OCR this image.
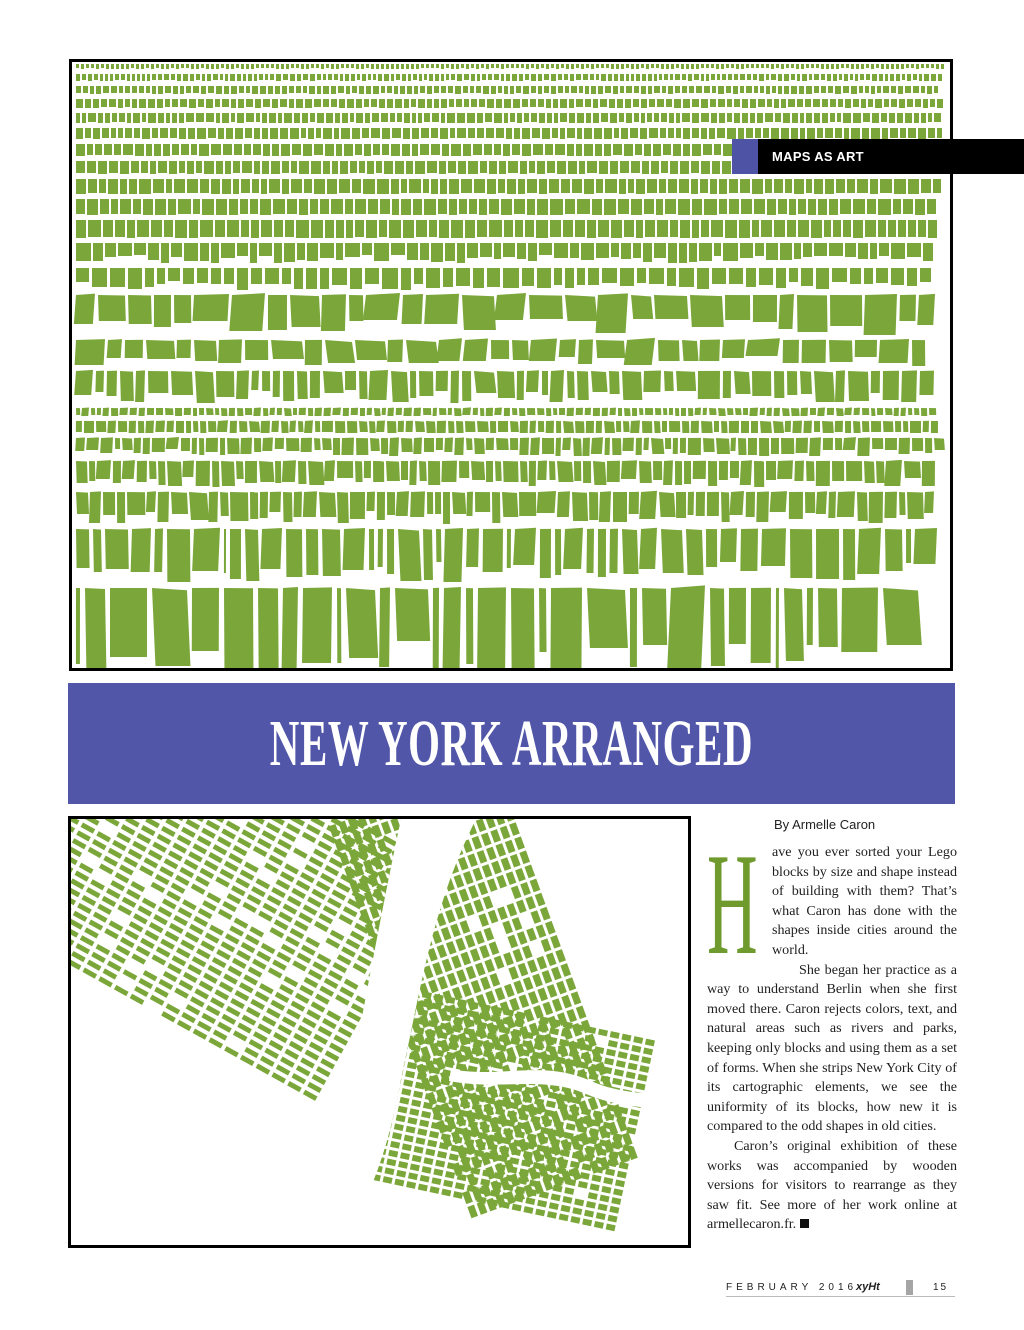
MAPS AS ART
NEW YORK ARRANGED
By Armelle Caron
H	ave you ever sorted your Lego blocks by size and shape instead of building with them? That’s what Caron has done with the shapes inside cities around the world.

She began her practice as a way to understand Berlin when she first moved there. Caron rejects colors, text, and natural areas such as rivers and parks, keeping only blocks and using them as a set of forms. When she strips New York City of its cartographic elements, we see the uniformity of its blocks, how new it is compared to the odd shapes in old cities.

Caron’s original exhibition of these works was accompanied by wooden versions for visitors to rearrange as they saw fit. See more of her work online at armellecaron.fr.

FEBRUARY 2016
xyHt	15
